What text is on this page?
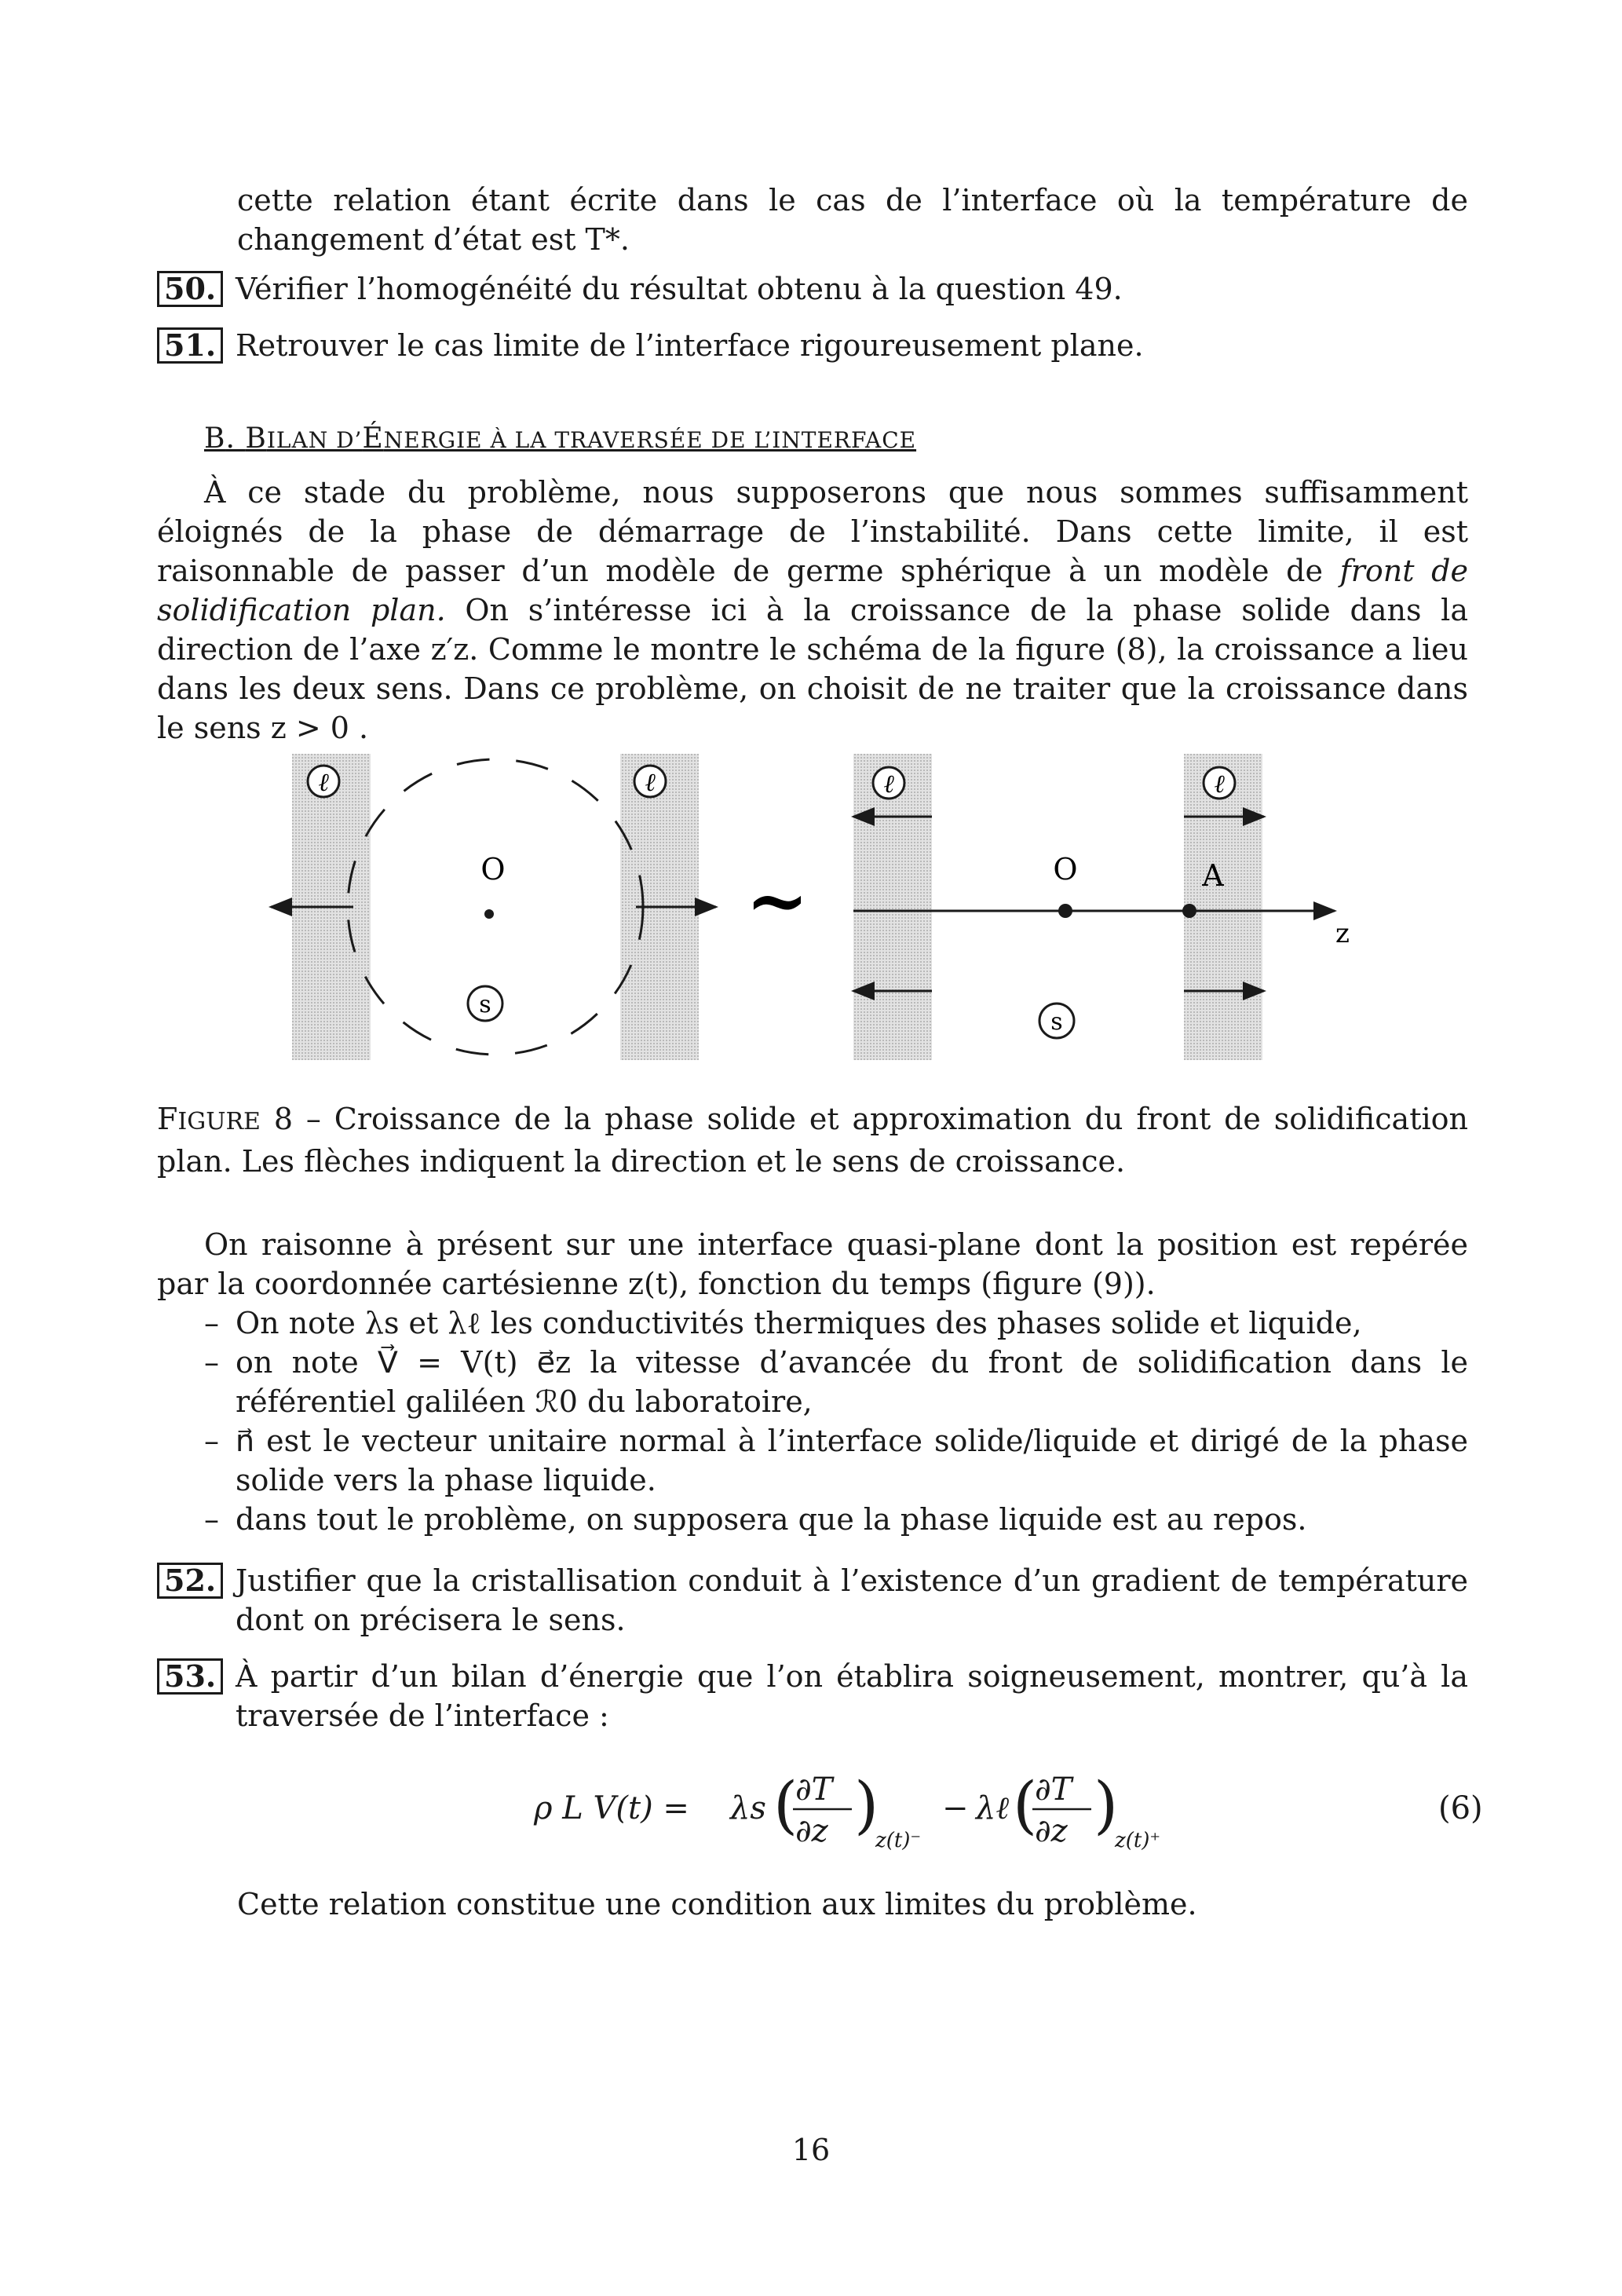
cette relation étant écrite dans le cas de l’interface où la température de changement d’état est T*.

50. Vérifier l’homogénéité du résultat obtenu à la question 49.
51. Retrouver le cas limite de l’interface rigoureusement plane.
B. BILAN D’ÉNERGIE À LA TRAVERSÉE DE L’INTERFACE
À ce stade du problème, nous supposerons que nous sommes suffisamment éloignés de la phase de démarrage de l’instabilité. Dans cette limite, il est raisonnable de passer d’un modèle de germe sphérique à un modèle de front de solidification plan. On s’intéresse ici à la croissance de la phase solide dans la direction de l’axe z′z. Comme le montre le schéma de la figure (8), la croissance a lieu dans les deux sens. Dans ce problème, on choisit de ne traiter que la croissance dans le sens z > 0 .
ℓ	ℓ
s
O	~
ℓ	ℓ
O	A
z
s
FIGURE 8 – Croissance de la phase solide et approximation du front de solidification plan. Les flèches indiquent la direction et le sens de croissance.

On raisonne à présent sur une interface quasi-plane dont la position est repérée par la coordonnée cartésienne z(t), fonction du temps (figure (9)).

– On note λs et λℓ les conductivités thermiques des phases solide et liquide,
– on note V⃗ = V(t) e⃗z la vitesse d’avancée du front de solidification dans le référentiel galiléen ℛ0 du laboratoire,
– n⃗ est le vecteur unitaire normal à l’interface solide/liquide et dirigé de la phase solide vers la phase liquide.
– dans tout le problème, on supposera que la phase liquide est au repos.
52. Justifier que la cristallisation conduit à l’existence d’un gradient de température dont on précisera le sens.
53. À partir d’un bilan d’énergie que l’on établira soigneusement, montrer, qu’à la traversée de l’interface :
ρ L V(t) = λs (
∂T
∂z )
z(t)⁻
− λℓ (
∂T
∂z )
z(t)⁺
(6)

Cette relation constitue une condition aux limites du problème.

16
